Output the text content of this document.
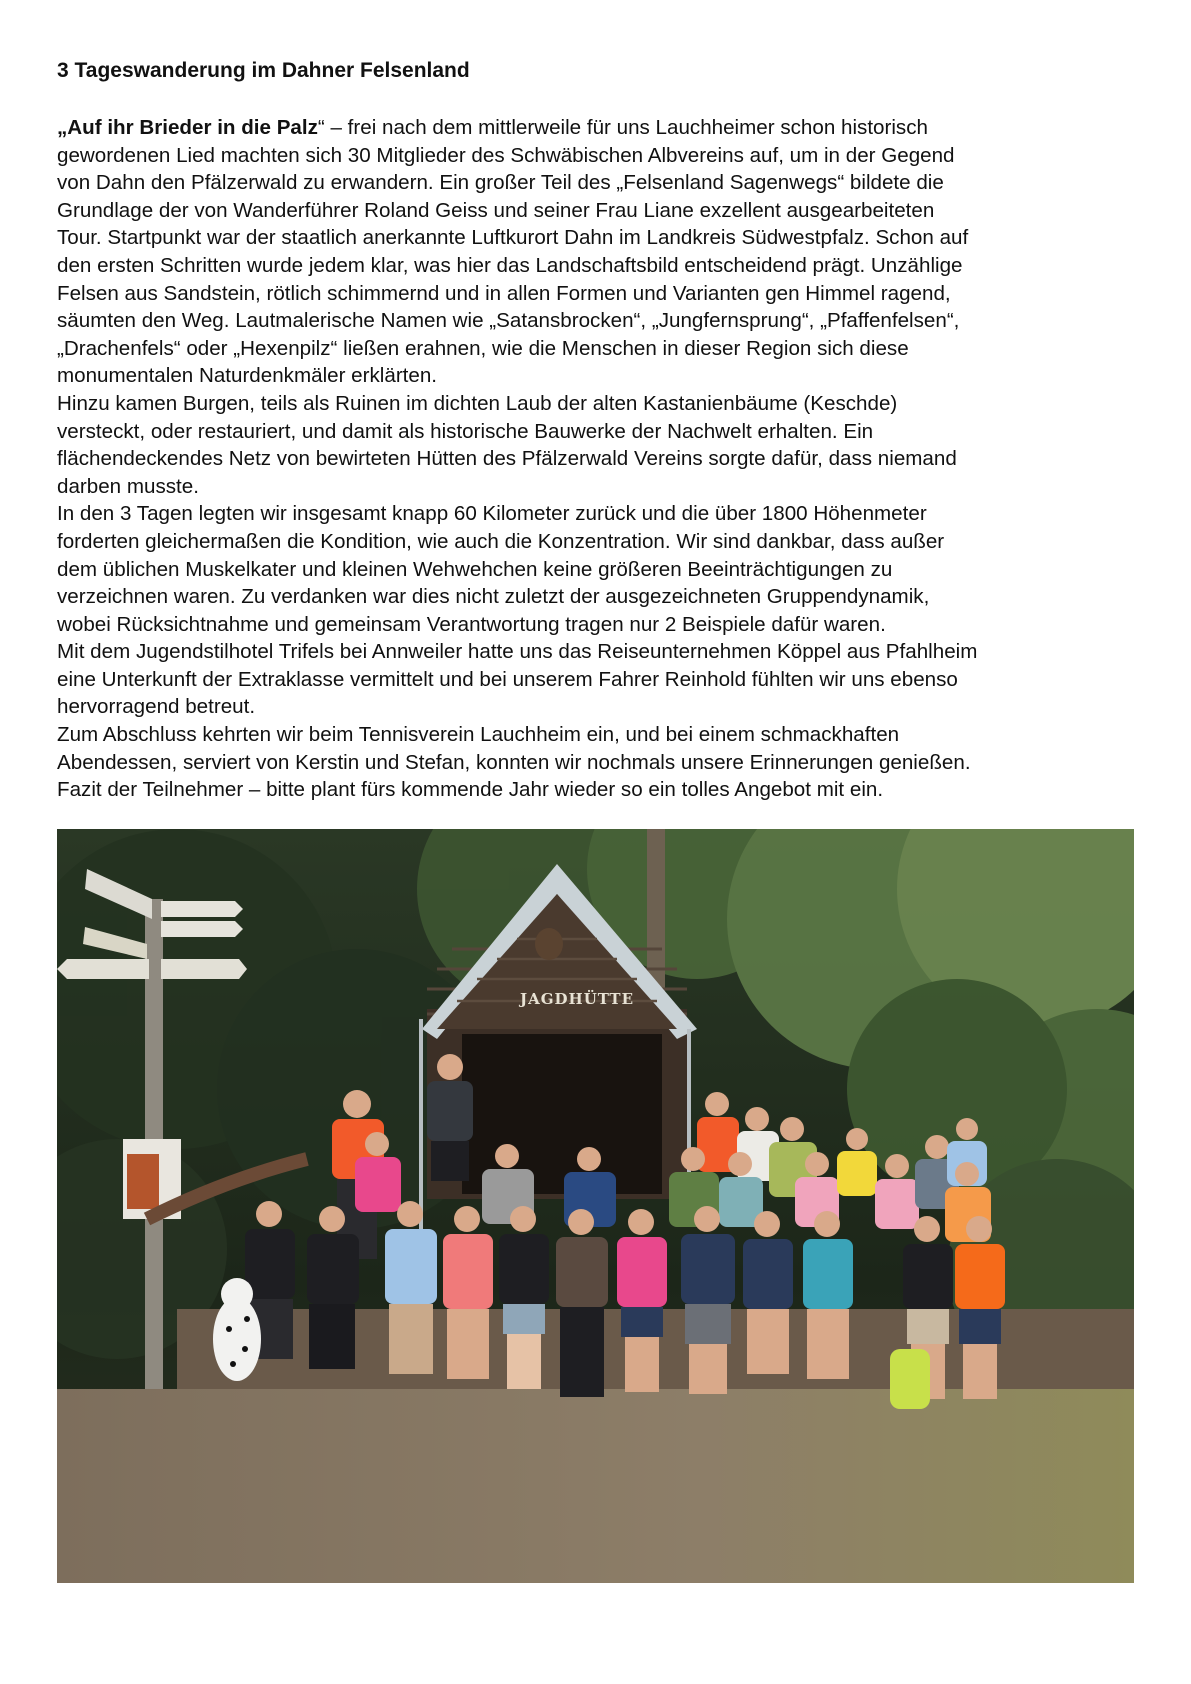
3 Tageswanderung im Dahner Felsenland
„Auf ihr Brieder in die Palz“ – frei nach dem mittlerweile für uns Lauchheimer schon historisch
gewordenen Lied machten sich 30 Mitglieder des Schwäbischen Albvereins auf, um in der Gegend
von Dahn den Pfälzerwald zu erwandern. Ein großer Teil des „Felsenland Sagenwegs“ bildete die
Grundlage der von Wanderführer Roland Geiss und seiner Frau Liane exzellent ausgearbeiteten
Tour. Startpunkt war der staatlich anerkannte Luftkurort Dahn im Landkreis Südwestpfalz. Schon auf
den ersten Schritten wurde jedem klar, was hier das Landschaftsbild entscheidend prägt. Unzählige
Felsen aus Sandstein, rötlich schimmernd und in allen Formen und Varianten gen Himmel ragend,
säumten den Weg. Lautmalerische Namen wie „Satansbrocken“, „Jungfernsprung“, „Pfaffenfelsen“,
„Drachenfels“ oder „Hexenpilz“ ließen erahnen, wie die Menschen in dieser Region sich diese
monumentalen Naturdenkmäler erklärten.
Hinzu kamen Burgen, teils als Ruinen im dichten Laub der alten Kastanienbäume (Keschde)
versteckt, oder restauriert, und damit als historische Bauwerke der Nachwelt erhalten. Ein
flächendeckendes Netz von bewirteten Hütten des Pfälzerwald Vereins sorgte dafür, dass niemand
darben musste.
In den 3 Tagen legten wir insgesamt knapp 60 Kilometer zurück und die über 1800 Höhenmeter
forderten gleichermaßen die Kondition, wie auch die Konzentration. Wir sind dankbar, dass außer
dem üblichen Muskelkater und kleinen Wehwehchen keine größeren Beeinträchtigungen zu
verzeichnen waren. Zu verdanken war dies nicht zuletzt der ausgezeichneten Gruppendynamik,
wobei Rücksichtnahme und gemeinsam Verantwortung tragen nur 2 Beispiele dafür waren.
Mit dem Jugendstilhotel Trifels bei Annweiler hatte uns das Reiseunternehmen Köppel aus Pfahlheim
eine Unterkunft der Extraklasse vermittelt und bei unserem Fahrer Reinhold fühlten wir uns ebenso
hervorragend betreut.
Zum Abschluss kehrten wir beim Tennisverein Lauchheim ein, und bei einem schmackhaften
Abendessen, serviert von Kerstin und Stefan, konnten wir nochmals unsere Erinnerungen genießen.
Fazit der Teilnehmer – bitte plant fürs kommende Jahr wieder so ein tolles Angebot mit ein.
JAGDHÜTTE
